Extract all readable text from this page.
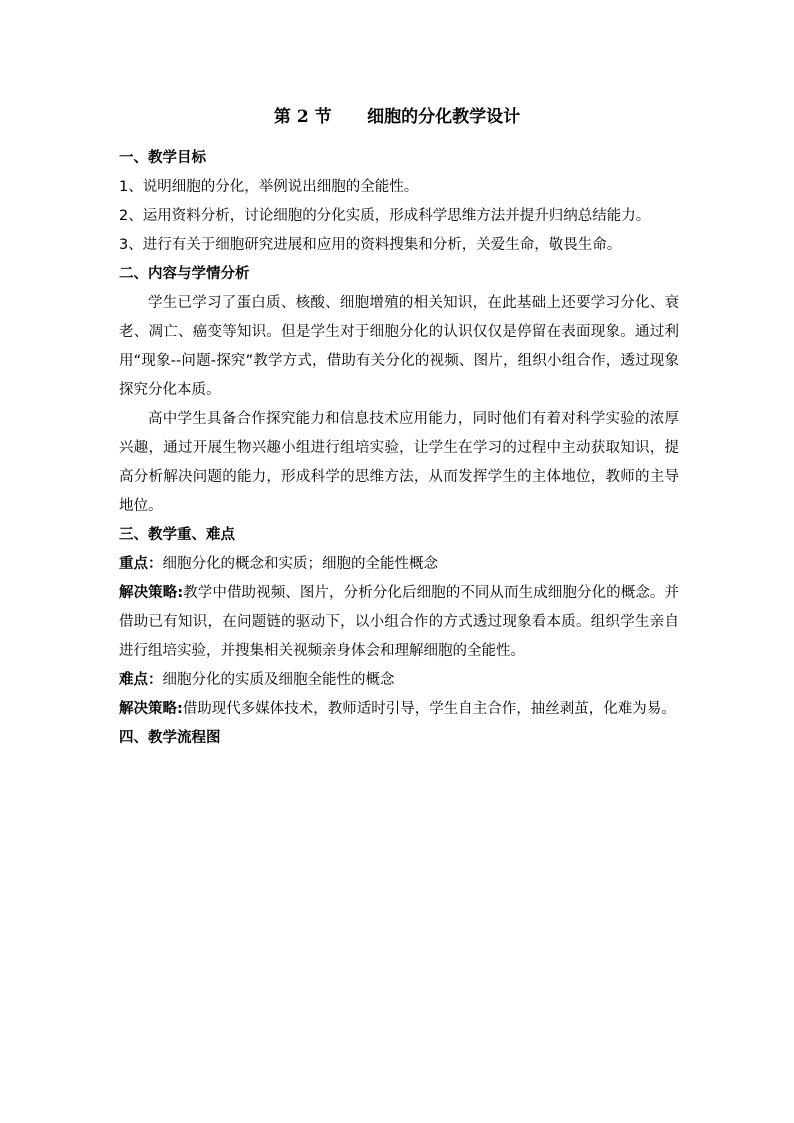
第 2 节 细胞的分化教学设计

一、教学目标

1、说明细胞的分化，举例说出细胞的全能性。

2、运用资料分析，讨论细胞的分化实质，形成科学思维方法并提升归纳总结能力。

3、进行有关于细胞研究进展和应用的资料搜集和分析，关爱生命，敬畏生命。

二、内容与学情分析

学生已学习了蛋白质、核酸、细胞增殖的相关知识，在此基础上还要学习分化、衰老、凋亡、癌变等知识。但是学生对于细胞分化的认识仅仅是停留在表面现象。通过利用“现象--问题-探究”教学方式，借助有关分化的视频、图片，组织小组合作，透过现象探究分化本质。

高中学生具备合作探究能力和信息技术应用能力，同时他们有着对科学实验的浓厚兴趣，通过开展生物兴趣小组进行组培实验，让学生在学习的过程中主动获取知识，提高分析解决问题的能力，形成科学的思维方法，从而发挥学生的主体地位，教师的主导地位。

三、教学重、难点

重点：细胞分化的概念和实质；细胞的全能性概念

解决策略:教学中借助视频、图片，分析分化后细胞的不同从而生成细胞分化的概念。并借助已有知识，在问题链的驱动下，以小组合作的方式透过现象看本质。组织学生亲自进行组培实验，并搜集相关视频亲身体会和理解细胞的全能性。

难点：细胞分化的实质及细胞全能性的概念

解决策略:借助现代多媒体技术，教师适时引导，学生自主合作，抽丝剥茧，化难为易。

四、教学流程图
